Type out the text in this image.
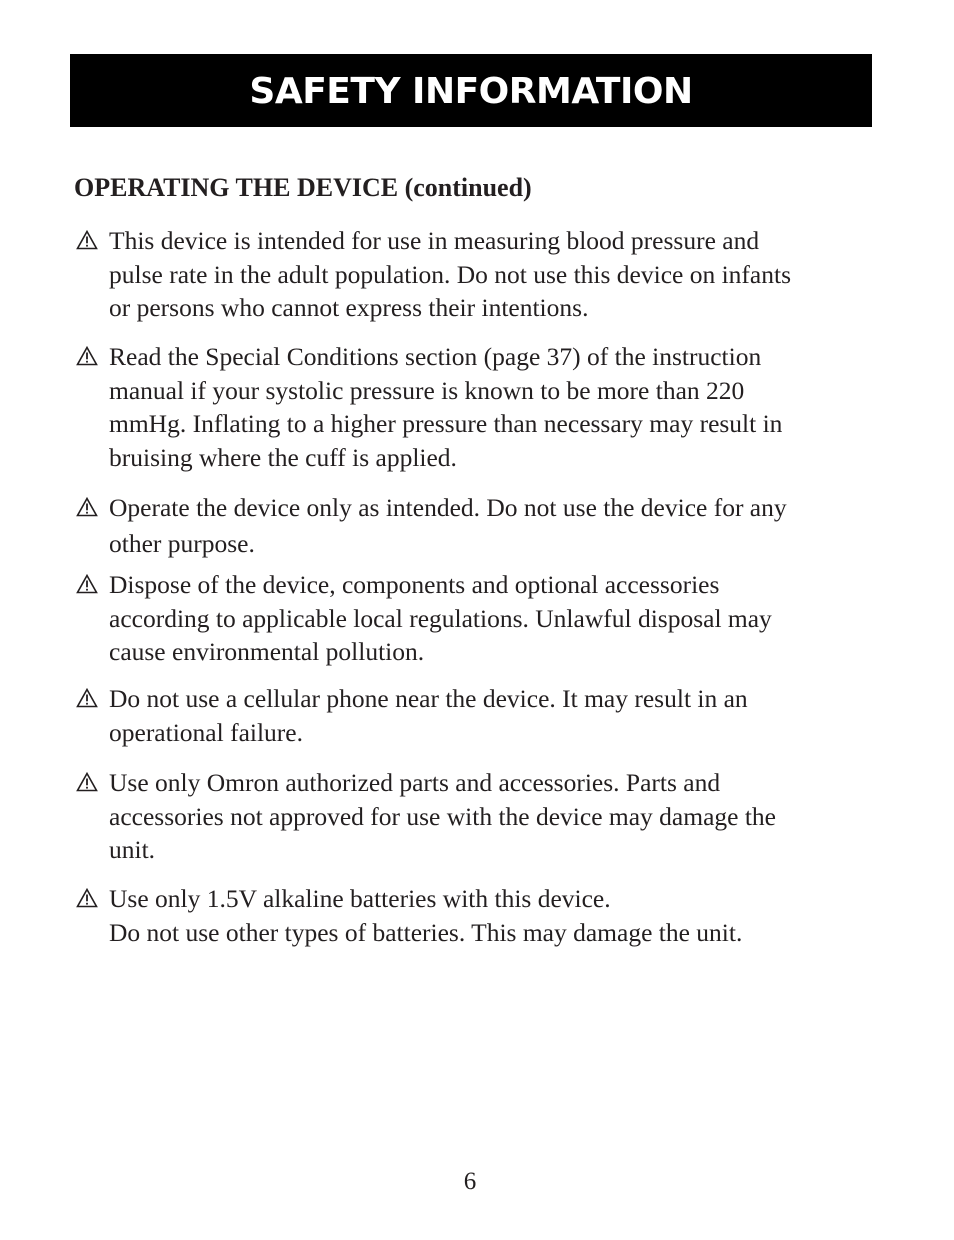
SAFETY INFORMATION
OPERATING THE DEVICE (continued)
This device is intended for use in measuring blood pressure and
pulse rate in the adult population. Do not use this device on infants
or persons who cannot express their intentions.
Read the Special Conditions section (page 37) of the instruction
manual if your systolic pressure is known to be more than 220
mmHg. Inflating to a higher pressure than necessary may result in
bruising where the cuff is applied.
Operate the device only as intended. Do not use the device for any
other purpose.
Dispose of the device, components and optional accessories
according to applicable local regulations. Unlawful disposal may
cause environmental pollution.
Do not use a cellular phone near the device. It may result in an
operational failure.
Use only Omron authorized parts and accessories. Parts and
accessories not approved for use with the device may damage the
unit.
Use only 1.5V alkaline batteries with this device.
Do not use other types of batteries. This may damage the unit.
6
